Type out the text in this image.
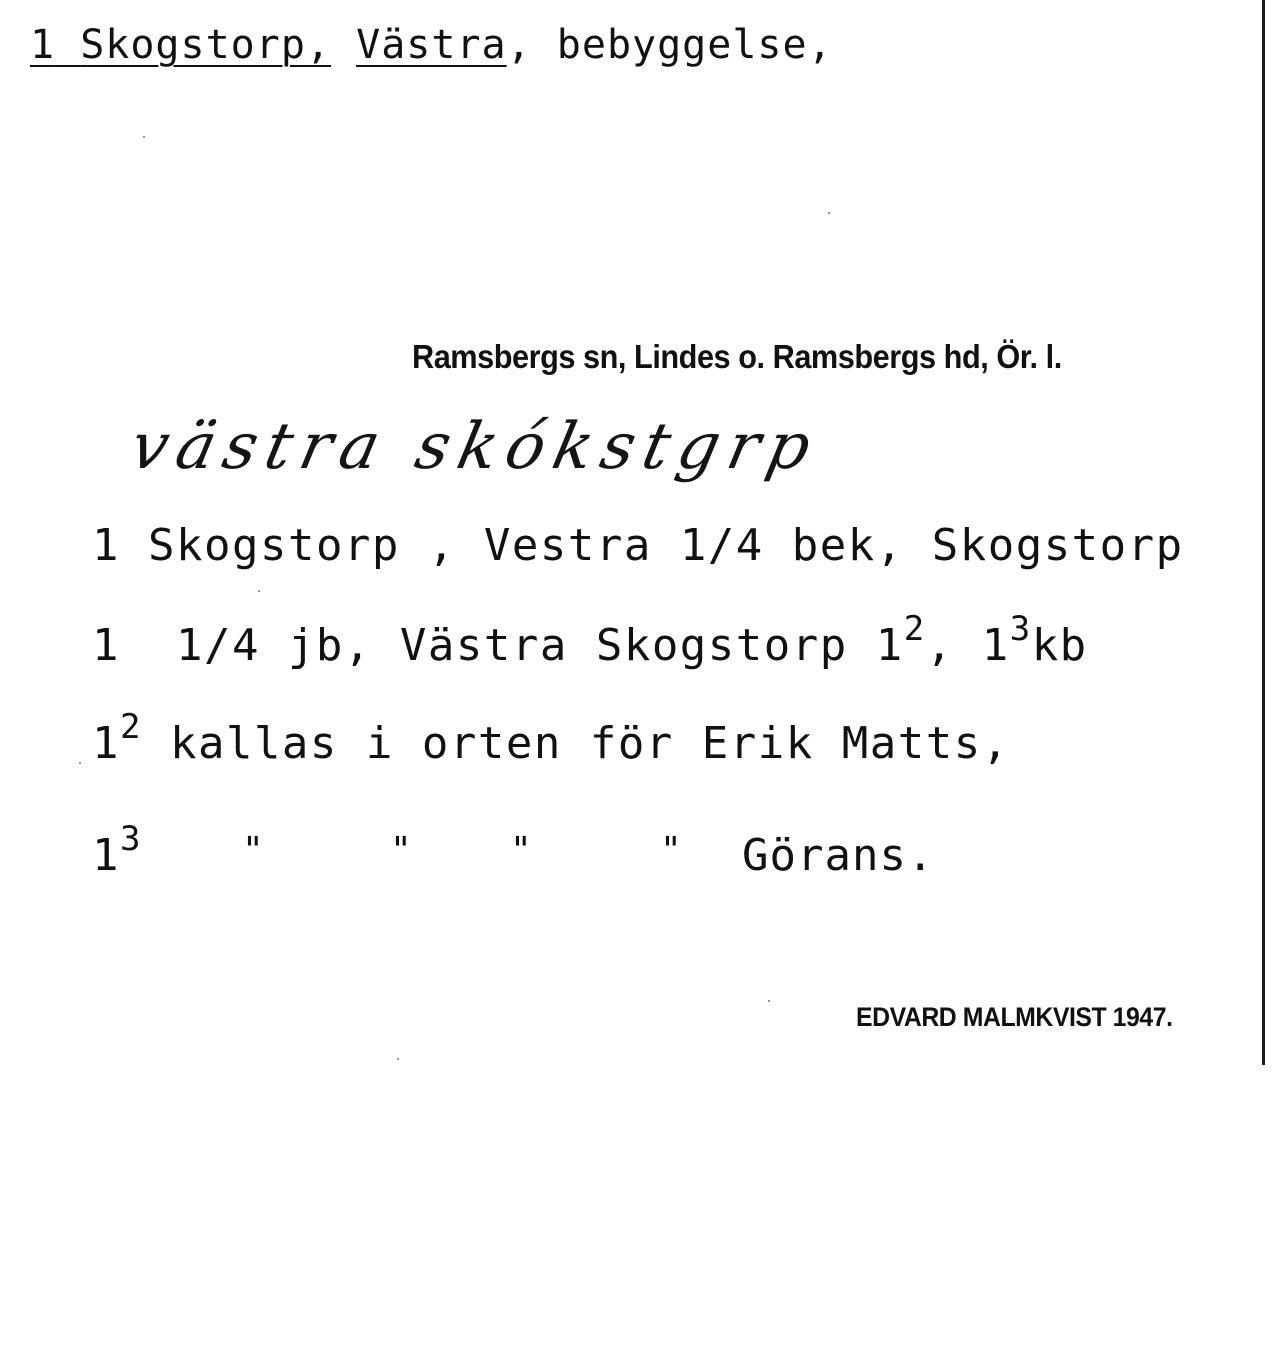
1 Skogstorp, Västra, bebyggelse,
Ramsbergs sn, Lindes o. Ramsbergs hd, Ör. l.
västra skókstgrp
1 Skogstorp , Vestra 1/4 bek, Skogstorp
1 1/4 jb, Västra Skogstorp $1^2$, $1^3kb$
$1^2$ kallas i orten för Erik Matts,

$1^3$

	"

	"

	"

	"

Görans.

EDVARD MALMKVIST 1947.
